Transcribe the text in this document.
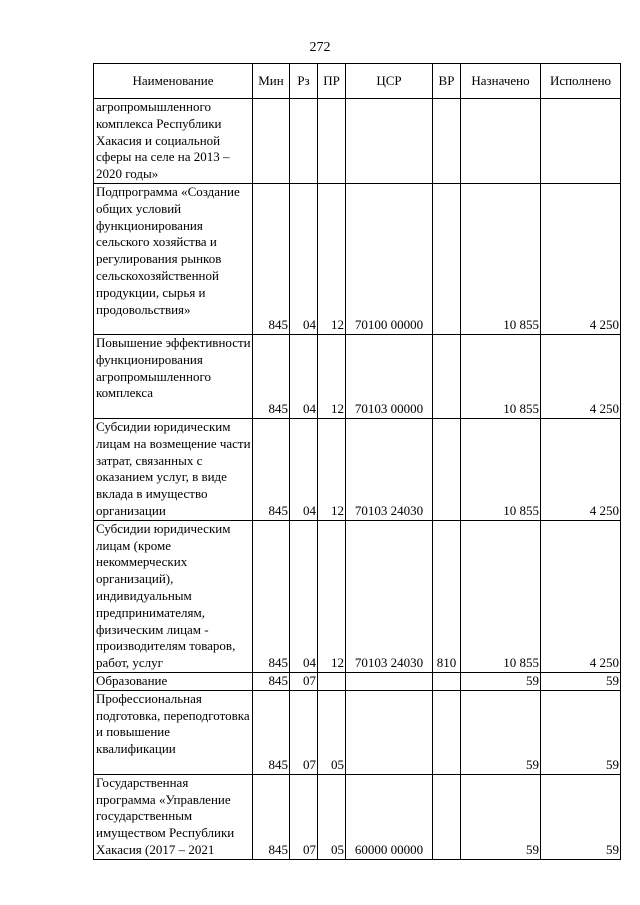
272
Наименование	Мин	Рз	ПР	ЦСР	ВР	Назначено	Исполнено
агропромышленного комплекса Республики Хакасия и социальной сферы на селе на 2013 – 2020 годы»							
Подпрограмма «Создание общих условий функционирования сельского хозяйства и регулирования рынков сельскохозяйственной продукции, сырья и продовольствия»	845	04	12	70100 00000		10 855	4 250
Повышение эффективности функционирования агропромышленного комплекса	845	04	12	70103 00000		10 855	4 250
Субсидии юридическим лицам на возмещение части затрат, связанных с оказанием услуг, в виде вклада в имущество организации	845	04	12	70103 24030		10 855	4 250
Субсидии юридическим лицам (кроме некоммерческих организаций), индивидуальным предпринимателям, физическим лицам - производителям товаров, работ, услуг	845	04	12	70103 24030	810	10 855	4 250
Образование	845	07				59	59
Профессиональная подготовка, переподготовка и повышение квалификации	845	07	05			59	59
Государственная программа «Управление государственным имуществом Республики Хакасия (2017 – 2021	845	07	05	60000 00000		59	59
